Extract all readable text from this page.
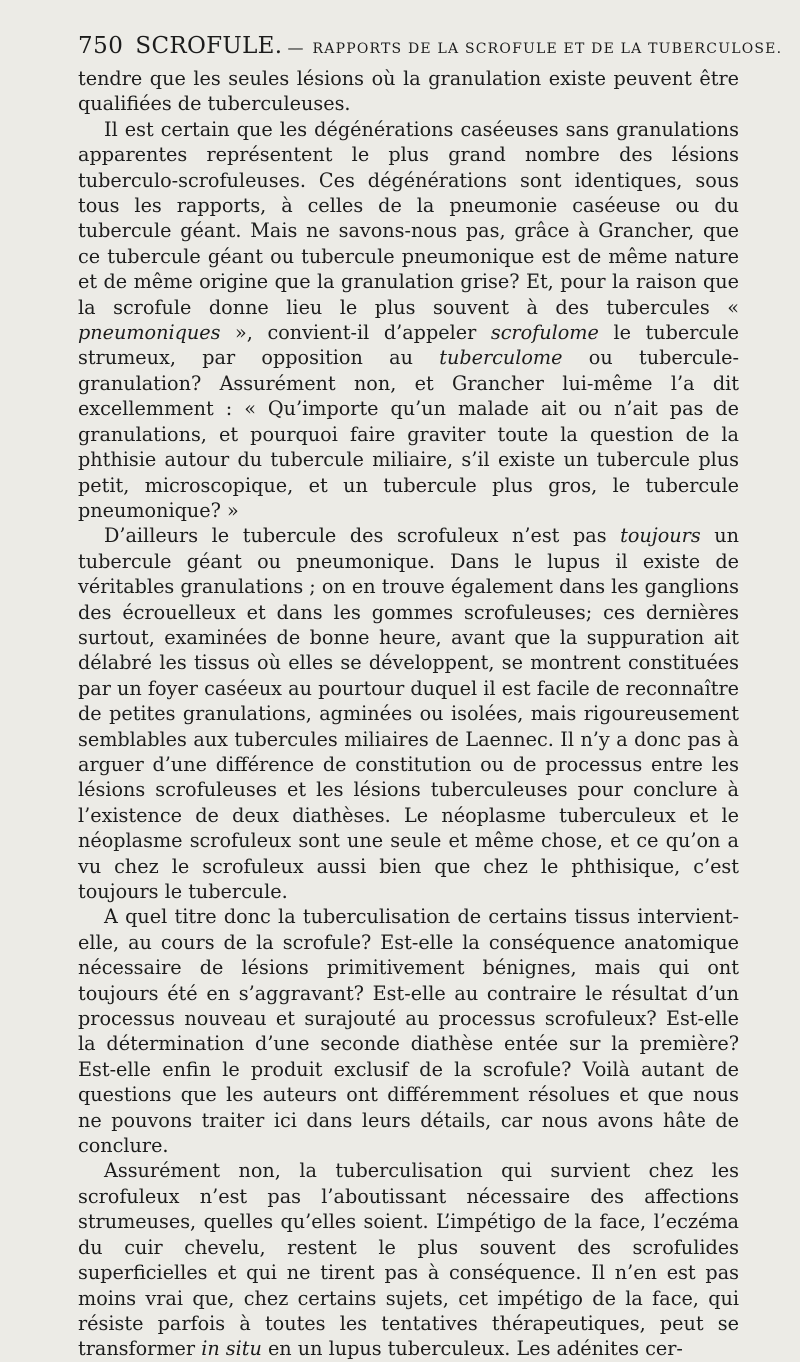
750 SCROFULE. — RAPPORTS DE LA SCROFULE ET DE LA TUBERCULOSE.

tendre que les seules lésions où la granulation existe peuvent être qualifiées de tuberculeuses.

Il est certain que les dégénérations caséeuses sans granulations apparentes représentent le plus grand nombre des lésions tuberculo-scrofuleuses. Ces dégénérations sont identiques, sous tous les rapports, à celles de la pneumonie caséeuse ou du tubercule géant. Mais ne savons-nous pas, grâce à Grancher, que ce tubercule géant ou tubercule pneumonique est de même nature et de même origine que la granulation grise? Et, pour la raison que la scrofule donne lieu le plus souvent à des tubercules « pneumoniques », convient-il d’appeler scrofulome le tubercule strumeux, par opposition au tuberculome ou tubercule-granulation? Assurément non, et Grancher lui-même l’a dit excellemment : « Qu’importe qu’un malade ait ou n’ait pas de granulations, et pourquoi faire graviter toute la question de la phthisie autour du tubercule miliaire, s’il existe un tubercule plus petit, microscopique, et un tubercule plus gros, le tubercule pneumonique? »

D’ailleurs le tubercule des scrofuleux n’est pas toujours un tubercule géant ou pneumonique. Dans le lupus il existe de véritables granulations ; on en trouve également dans les ganglions des écrouelleux et dans les gommes scrofuleuses; ces dernières surtout, examinées de bonne heure, avant que la suppuration ait délabré les tissus où elles se développent, se montrent constituées par un foyer caséeux au pourtour duquel il est facile de reconnaître de petites granulations, agminées ou isolées, mais rigoureusement semblables aux tubercules miliaires de Laennec. Il n’y a donc pas à arguer d’une différence de constitution ou de processus entre les lésions scrofuleuses et les lésions tuberculeuses pour conclure à l’existence de deux diathèses. Le néoplasme tuberculeux et le néoplasme scrofuleux sont une seule et même chose, et ce qu’on a vu chez le scrofuleux aussi bien que chez le phthisique, c’est toujours le tubercule.

A quel titre donc la tuberculisation de certains tissus intervient-elle, au cours de la scrofule? Est-elle la conséquence anatomique nécessaire de lésions primitivement bénignes, mais qui ont toujours été en s’aggravant? Est-elle au contraire le résultat d’un processus nouveau et surajouté au processus scrofuleux? Est-elle la détermination d’une seconde diathèse entée sur la première? Est-elle enfin le produit exclusif de la scrofule? Voilà autant de questions que les auteurs ont différemment résolues et que nous ne pouvons traiter ici dans leurs détails, car nous avons hâte de conclure.

Assurément non, la tuberculisation qui survient chez les scrofuleux n’est pas l’aboutissant nécessaire des affections strumeuses, quelles qu’elles soient. L’impétigo de la face, l’eczéma du cuir chevelu, restent le plus souvent des scrofulides superficielles et qui ne tirent pas à conséquence. Il n’en est pas moins vrai que, chez certains sujets, cet impétigo de la face, qui résiste parfois à toutes les tentatives thérapeutiques, peut se transformer in situ en un lupus tuberculeux. Les adénites cer-
